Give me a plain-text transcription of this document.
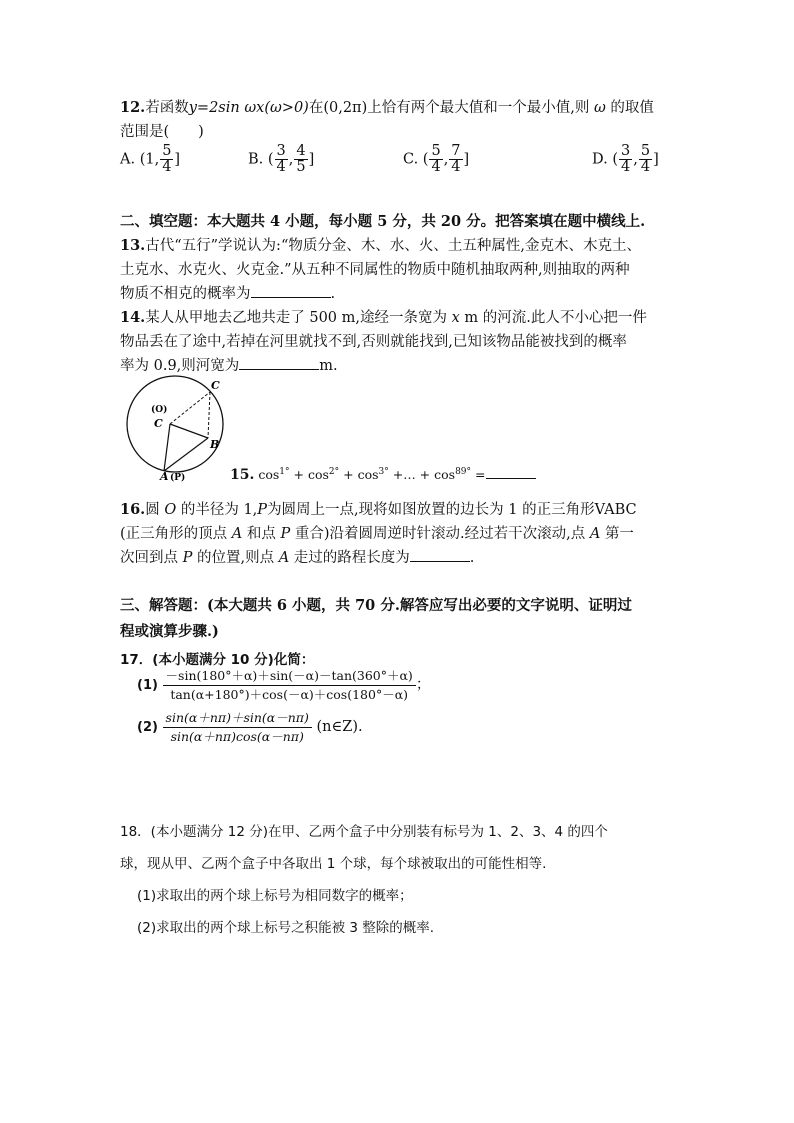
12.若函数y=2sin ωx(ω>0)在(0,2π)上恰有两个最大值和一个最小值,则 ω 的取值
范围是(　　)
A. (1, $\frac{5}{4}$ ]	B. ( $\frac{3}{4}$ , $\frac{4}{5}$ ]	C. ( $\frac{5}{4}$ , $\frac{7}{4}$ ]	D. ( $\frac{3}{4}$ , $\frac{5}{4}$ ]
二、填空题：本大题共 4 小题，每小题 5 分，共 20 分。把答案填在题中横线上.
13.古代“五行”学说认为:“物质分金、木、水、火、土五种属性,金克木、木克土、
土克水、水克火、火克金.”从五种不同属性的物质中随机抽取两种,则抽取的两种
物质不相克的概率为	.
14.某人从甲地去乙地共走了 500 m,途经一条宽为 x m 的河流.此人不小心把一件
物品丢在了途中,若掉在河里就找不到,否则就能找到,已知该物品能被找到的概率
率为 0.9,则河宽为	m.
C
(O)
C
B
A (P)	15. $\cos^{1^\circ} + \cos^{2^\circ} + \cos^{3^\circ}$ +… + $\cos^{89^\circ}$ =
16.圆 O 的半径为 1,P为圆周上一点,现将如图放置的边长为 1 的正三角形VABC
(正三角形的顶点 A 和点 P 重合)沿着圆周逆时针滚动.经过若干次滚动,点 A 第一
次回到点 P 的位置,则点 A 走过的路程长度为	.
三、解答题：(本大题共 6 小题，共 70 分.解答应写出必要的文字说明、证明过
程或演算步骤.)
17．(本小题满分 10 分)化简：
$(1) \frac{-\sin(180^\circ+\alpha)+\sin(-\alpha)-\tan(360^\circ+\alpha)}{\tan(\alpha+180^\circ)+\cos(-\alpha)+\cos(180^\circ-\alpha)}$ ；
$(2) \frac{\sin(\alpha+n\pi)+\sin(\alpha-n\pi)}{\sin(\alpha+n\pi)\cos(\alpha-n\pi)}$ (n∈Z).
18．(本小题满分 12 分)在甲、乙两个盒子中分别装有标号为 1、2、3、4 的四个
球，现从甲、乙两个盒子中各取出 1 个球，每个球被取出的可能性相等.
(1)求取出的两个球上标号为相同数字的概率；
(2)求取出的两个球上标号之积能被 3 整除的概率.
